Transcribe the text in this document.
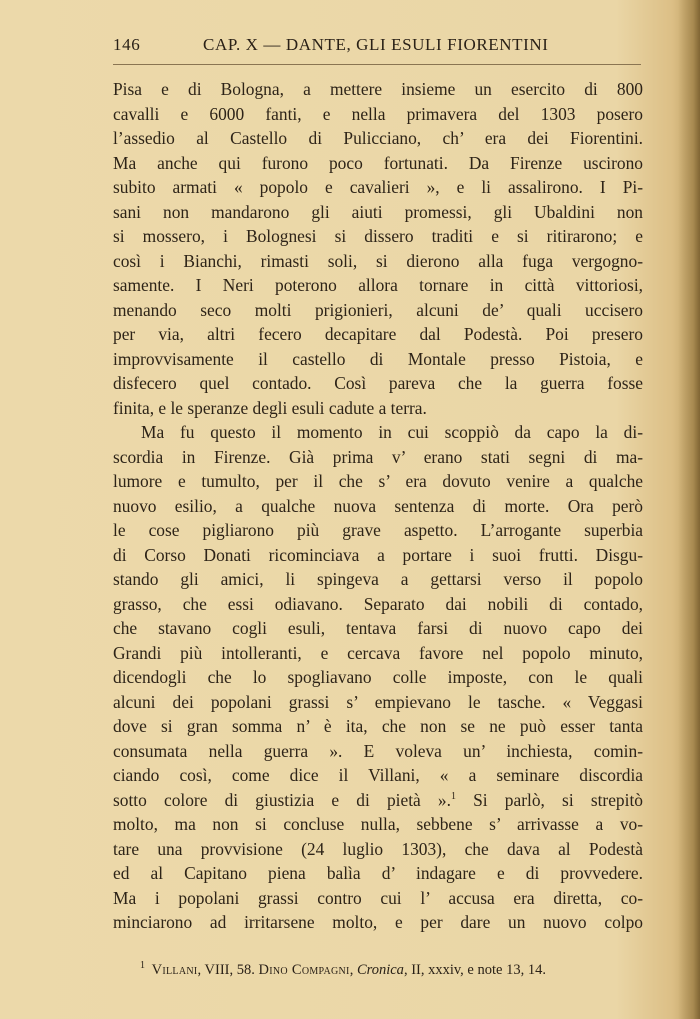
146	CAP. X — DANTE, GLI ESULI FIORENTINI
Pisa e di Bologna, a mettere insieme un esercito di 800
cavalli e 6000 fanti, e nella primavera del 1303 posero
l’assedio al Castello di Pulicciano, ch’ era dei Fiorentini.
Ma anche qui furono poco fortunati. Da Firenze uscirono
subito armati « popolo e cavalieri », e li assalirono. I Pi-
sani non mandarono gli aiuti promessi, gli Ubaldini non
si mossero, i Bolognesi si dissero traditi e si ritirarono; e
così i Bianchi, rimasti soli, si dierono alla fuga vergogno-
samente. I Neri poterono allora tornare in città vittoriosi,
menando seco molti prigionieri, alcuni de’ quali uccisero
per via, altri fecero decapitare dal Podestà. Poi presero
improvvisamente il castello di Montale presso Pistoia, e
disfecero quel contado. Così pareva che la guerra fosse
finita, e le speranze degli esuli cadute a terra.
Ma fu questo il momento in cui scoppiò da capo la di-
scordia in Firenze. Già prima v’ erano stati segni di ma-
lumore e tumulto, per il che s’ era dovuto venire a qualche
nuovo esilio, a qualche nuova sentenza di morte. Ora però
le cose pigliarono più grave aspetto. L’arrogante superbia
di Corso Donati ricominciava a portare i suoi frutti. Disgu-
stando gli amici, li spingeva a gettarsi verso il popolo
grasso, che essi odiavano. Separato dai nobili di contado,
che stavano cogli esuli, tentava farsi di nuovo capo dei
Grandi più intolleranti, e cercava favore nel popolo minuto,
dicendogli che lo spogliavano colle imposte, con le quali
alcuni dei popolani grassi s’ empievano le tasche. « Veggasi
dove si gran somma n’ è ita, che non se ne può esser tanta
consumata nella guerra ». E voleva un’ inchiesta, comin-
ciando così, come dice il Villani, « a seminare discordia
sotto colore di giustizia e di pietà ».$^1$ Si parlò, si strepitò
molto, ma non si concluse nulla, sebbene s’ arrivasse a vo-
tare una provvisione (24 luglio 1303), che dava al Podestà
ed al Capitano piena balìa d’ indagare e di provvedere.
Ma i popolani grassi contro cui l’ accusa era diretta, co-
minciarono ad irritarsene molto, e per dare un nuovo colpo
$^1$ Villani, VIII, 58. Dino Compagni, Cronica, II, xxxiv, e note 13, 14.
